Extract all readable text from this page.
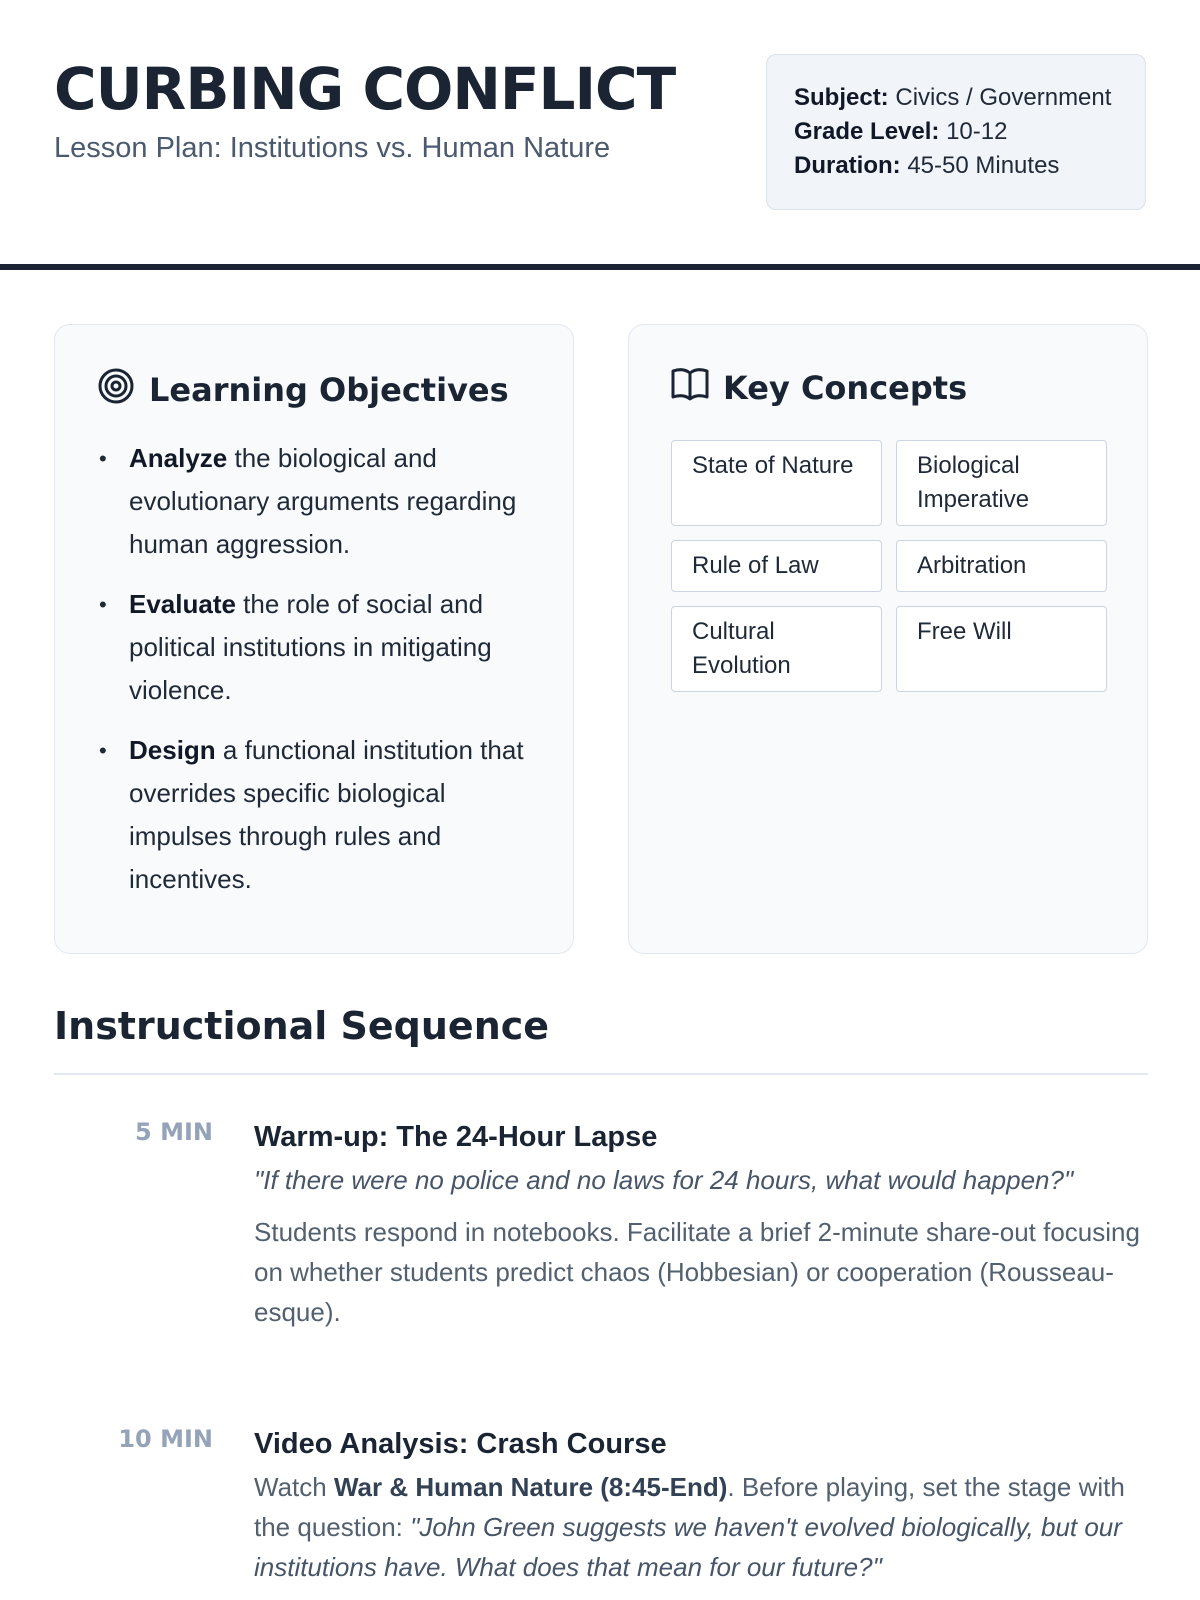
CURBING CONFLICT
Lesson Plan: Institutions vs. Human Nature
Subject: Civics / Government
Grade Level: 10-12
Duration: 45-50 Minutes
Learning Objectives
• Analyze the biological and evolutionary arguments regarding human aggression.
• Evaluate the role of social and political institutions in mitigating violence.
• Design a functional institution that overrides specific biological impulses through rules and incentives.
Key Concepts
State of Nature	Biological Imperative
Rule of Law	Arbitration
Cultural Evolution
Free Will
Instructional Sequence
5 MIN Warm-up: The 24-Hour Lapse
"If there were no police and no laws for 24 hours, what would happen?"
Students respond in notebooks. Facilitate a brief 2-minute share-out focusing on whether students predict chaos (Hobbesian) or cooperation (Rousseau-esque).
10 MIN Video Analysis: Crash Course
Watch War & Human Nature (8:45-End). Before playing, set the stage with the question: "John Green suggests we haven't evolved biologically, but our institutions have. What does that mean for our future?"
